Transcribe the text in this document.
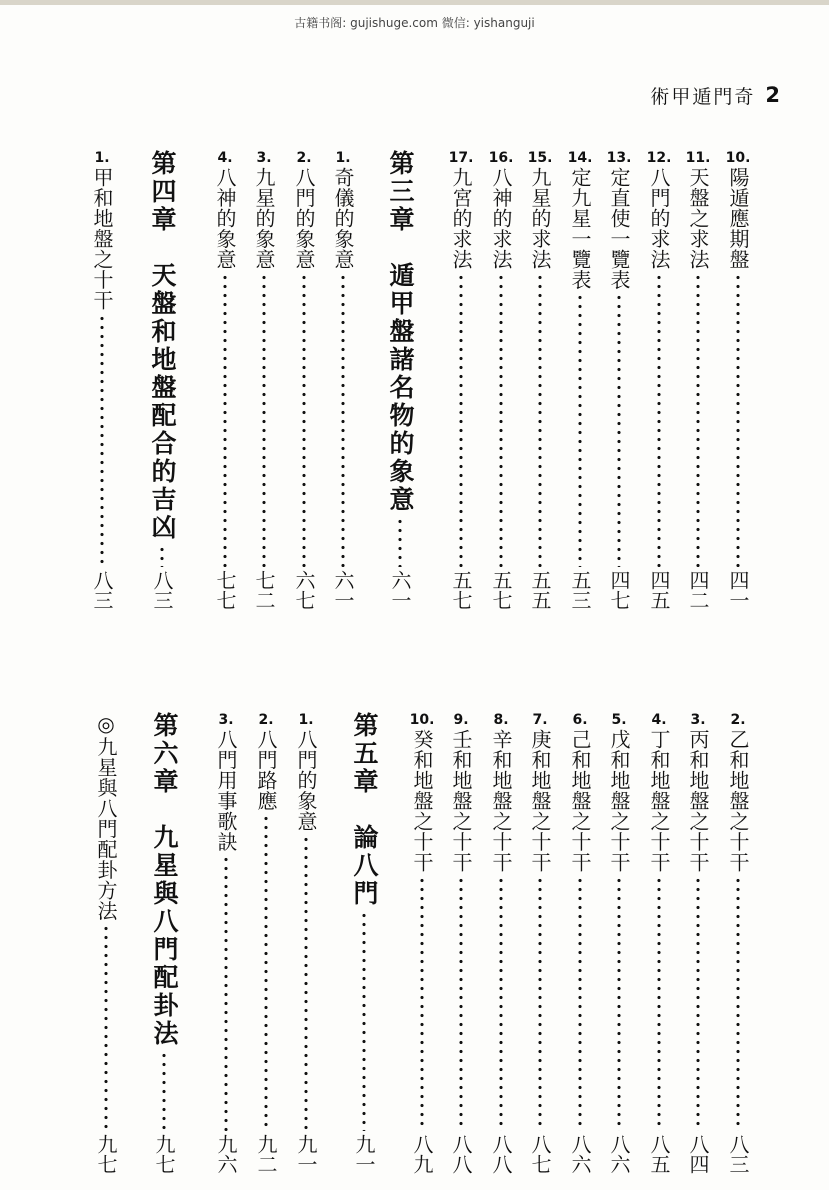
古籍书阁: gujishuge.com 微信: yishanguji
術甲遁門奇 2
10.
陽遁應期盤
四一
11.
天盤之求法
四二
12.
八門的求法
四五
13.
定直使一覽表
四七
14.
定九星一覽表
五三
15.
九星的求法
五五
16.
八神的求法
五七
17.
九宮的求法
五七
第三章　遁甲盤諸名物的象意
六一
1.
奇儀的象意
六一
2.
八門的象意
六七
3.
九星的象意
七二
4.
八神的象意
七七
第四章　天盤和地盤配合的吉凶
八三
1.
甲和地盤之十干
八三
2.
乙和地盤之十干
八三
3.
丙和地盤之十干
八四
4.
丁和地盤之十干
八五
5.
戊和地盤之十干
八六
6.
己和地盤之十干
八六
7.
庚和地盤之十干
八七
8.
辛和地盤之十干
八八
9.
壬和地盤之十干
八八
10.
癸和地盤之十干
八九
第五章　論八門
九一
1.
八門的象意
九一
2.
八門路應
九二
3.
八門用事歌訣
九六
第六章　九星與八門配卦法
九七
◎九星與八門配卦方法
九七
